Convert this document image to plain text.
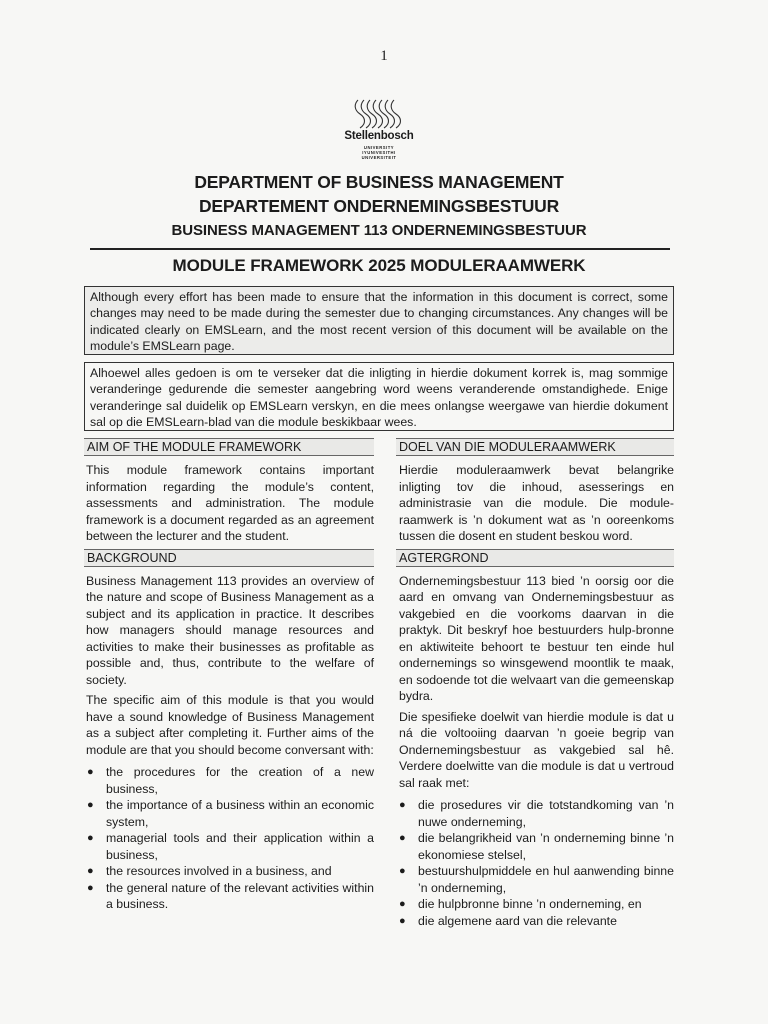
1
Stellenbosch
UNIVERSITY
IYUNIVESITHI
UNIVERSITEIT
DEPARTMENT OF BUSINESS MANAGEMENT
DEPARTEMENT ONDERNEMINGSBESTUUR
BUSINESS MANAGEMENT 113 ONDERNEMINGSBESTUUR
MODULE FRAMEWORK 2025 MODULERAAMWERK
Although every effort has been made to ensure that the information in this document is correct, some changes may need to be made during the semester due to changing circumstances. Any changes will be indicated clearly on EMSLearn, and the most recent version of this document will be available on the module’s EMSLearn page.
Alhoewel alles gedoen is om te verseker dat die inligting in hierdie dokument korrek is, mag sommige veranderinge gedurende die semester aangebring word weens veranderende omstandighede. Enige veranderinge sal duidelik op EMSLearn verskyn, en die mees onlangse weergawe van hierdie dokument sal op die EMSLearn-blad van die module beskikbaar wees.
AIM OF THE MODULE FRAMEWORK
This module framework contains important information regarding the module’s content, assessments and administration. The module framework is a document regarded as an agreement between the lecturer and the student.
BACKGROUND
Business Management 113 provides an overview of the nature and scope of Business Management as a subject and its application in practice. It describes how managers should manage resources and activities to make their businesses as profitable as possible and, thus, contribute to the welfare of society.
The specific aim of this module is that you would have a sound knowledge of Business Management as a subject after completing it. Further aims of the module are that you should become conversant with:
● the procedures for the creation of a new business,
● the importance of a business within an economic system,
● managerial tools and their application within a business,
● the resources involved in a business, and
● the general nature of the relevant activities within a business.
DOEL VAN DIE MODULERAAMWERK
Hierdie moduleraamwerk bevat belangrike inligting tov die inhoud, asesserings en administrasie van die module. Die module-raamwerk is ’n dokument wat as ’n ooreenkoms tussen die dosent en student beskou word.
AGTERGROND
Ondernemingsbestuur 113 bied ’n oorsig oor die aard en omvang van Ondernemingsbestuur as vakgebied en die voorkoms daarvan in die praktyk. Dit beskryf hoe bestuurders hulp-bronne en aktiwiteite behoort te bestuur ten einde hul ondernemings so winsgewend moontlik te maak, en sodoende tot die welvaart van die gemeenskap bydra.
Die spesifieke doelwit van hierdie module is dat u ná die voltooiing daarvan ’n goeie begrip van Ondernemingsbestuur as vakgebied sal hê. Verdere doelwitte van die module is dat u vertroud sal raak met:
● die prosedures vir die totstandkoming van ’n nuwe onderneming,
● die belangrikheid van ’n onderneming binne ’n ekonomiese stelsel,
● bestuurshulpmiddele en hul aanwending binne ’n onderneming,
● die hulpbronne binne ’n onderneming, en
● die algemene aard van die relevante
